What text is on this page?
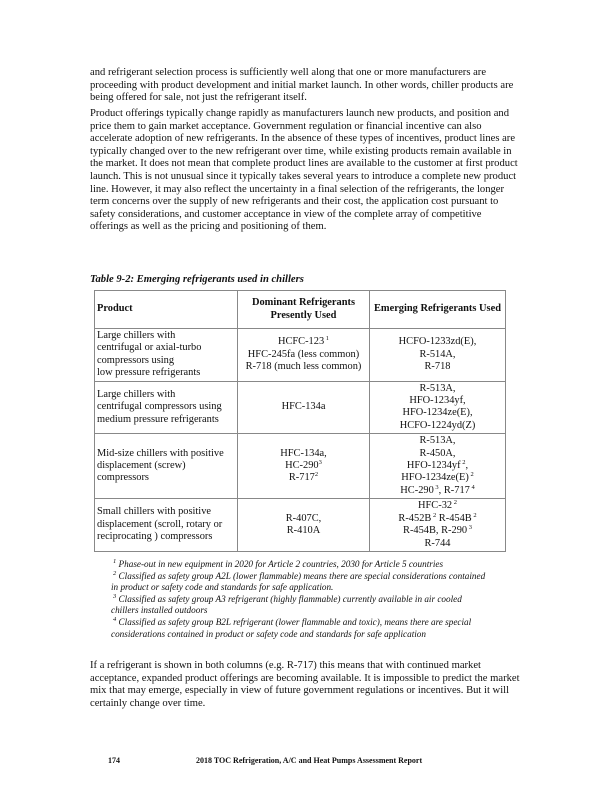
and refrigerant selection process is sufficiently well along that one or more manufacturers are proceeding with product development and initial market launch. In other words, chiller products are being offered for sale, not just the refrigerant itself.

Product offerings typically change rapidly as manufacturers launch new products, and position and price them to gain market acceptance. Government regulation or financial incentive can also accelerate adoption of new refrigerants. In the absence of these types of incentives, product lines are typically changed over to the new refrigerant over time, while existing products remain available in the market. It does not mean that complete product lines are available to the customer at first product launch. This is not unusual since it typically takes several years to introduce a complete new product line. However, it may also reflect the uncertainty in a final selection of the refrigerants, the longer term concerns over the supply of new refrigerants and their cost, the application cost pursuant to safety considerations, and customer acceptance in view of the complete array of competitive offerings as well as the pricing and positioning of them.

Table 9-2: Emerging refrigerants used in chillers

Product	Dominant Refrigerants Presently Used	Emerging Refrigerants Used

Large chillers with
centrifugal or axial-turbo
compressors using
low pressure refrigerants	HCFC-123 $^1$
HFC-245fa (less common)
R-718 (much less common)	HCFO-1233zd(E),
R-514A,
R-718

Large chillers with
centrifugal compressors using
medium pressure refrigerants	HFC-134a	R-513A,
HFO-1234yf,
HFO-1234ze(E),
HCFO-1224yd(Z)

Mid-size chillers with positive
displacement (screw)
compressors	HFC-134a,
$HC-290^3$
$R-717^2$	R-513A,
R-450A,
HFO-1234yf $^2$,
HFO-1234ze(E) $^2$
HC-290 $^3$, R-717 $^4$

Small chillers with positive
displacement (scroll, rotary or
reciprocating ) compressors	R-407C,
R-410A	HFC-32 $^2$
R-452B $^2$ R-454B $^2$
R-454B, R-290 $^3$
R-744

$^1$ Phase-out in new equipment in 2020 for Article 2 countries, 2030 for Article 5 countries

$^2$ Classified as safety group A2L (lower flammable) means there are special considerations contained

in product or safety code and standards for safe application.

$^3$ Classified as safety group A3 refrigerant (highly flammable) currently available in air cooled

chillers installed outdoors

$^4$ Classified as safety group B2L refrigerant (lower flammable and toxic), means there are special

considerations contained in product or safety code and standards for safe application

If a refrigerant is shown in both columns (e.g. R-717) this means that with continued market acceptance, expanded product offerings are becoming available. It is impossible to predict the market mix that may emerge, especially in view of future government regulations or incentives. But it will certainly change over time.

174	2018 TOC Refrigeration, A/C and Heat Pumps Assessment Report
